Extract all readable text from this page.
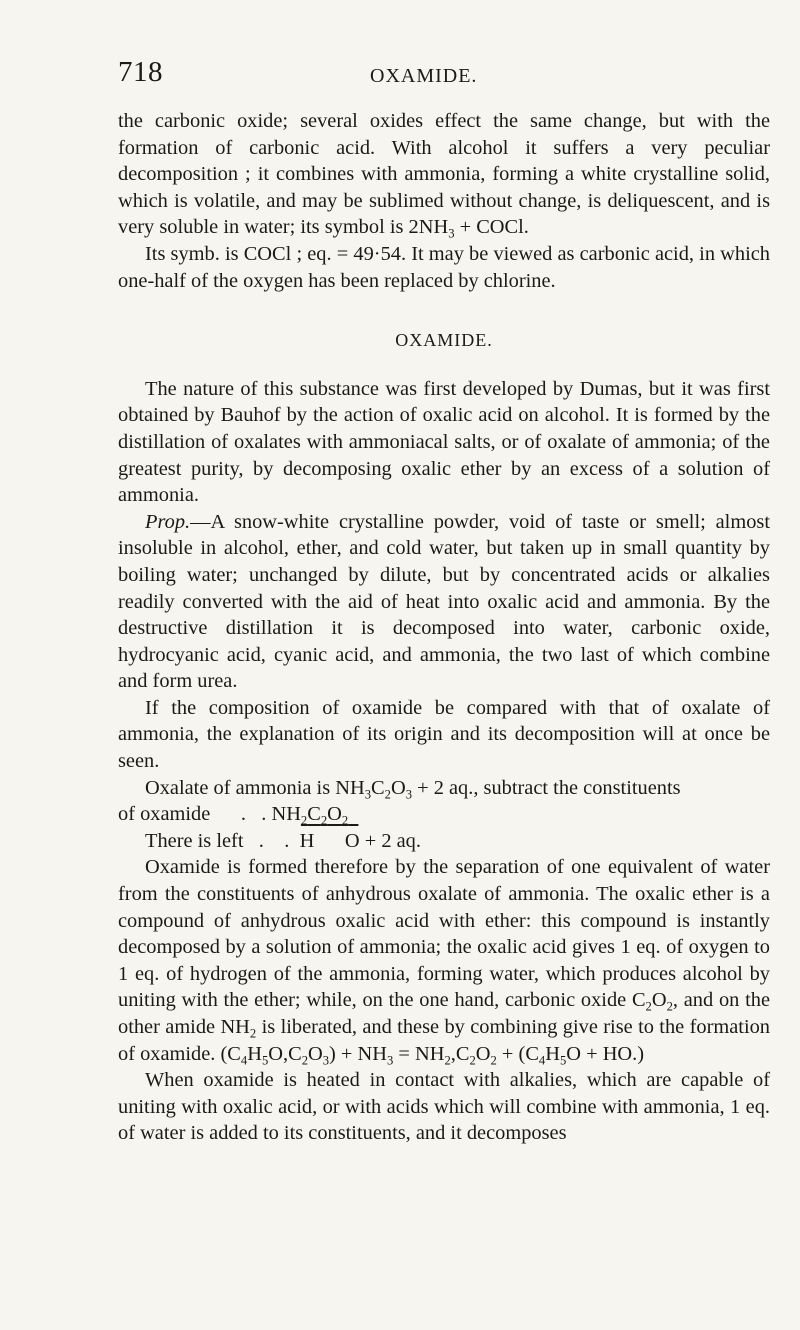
718	OXAMIDE.

the carbonic oxide; several oxides effect the same change, but with the formation of carbonic acid. With alcohol it suffers a very peculiar decomposition ; it combines with ammonia, forming a white crystalline solid, which is volatile, and may be sublimed without change, is deliquescent, and is very soluble in water; its symbol is $2NH_3$ + COCl.

Its symb. is COCl ; eq. = 49·54. It may be viewed as carbonic acid, in which one-half of the oxygen has been replaced by chlorine.

OXAMIDE.

The nature of this substance was first developed by Dumas, but it was first obtained by Bauhof by the action of oxalic acid on alcohol. It is formed by the distillation of oxalates with ammoniacal salts, or of oxalate of ammonia; of the greatest purity, by decomposing oxalic ether by an excess of a solution of ammonia.

Prop.—A snow-white crystalline powder, void of taste or smell; almost insoluble in alcohol, ether, and cold water, but taken up in small quantity by boiling water; unchanged by dilute, but by concentrated acids or alkalies readily converted with the aid of heat into oxalic acid and ammonia. By the destructive distillation it is decomposed into water, carbonic oxide, hydrocyanic acid, cyanic acid, and ammonia, the two last of which combine and form urea.

If the composition of oxamide be compared with that of oxalate of ammonia, the explanation of its origin and its decomposition will at once be seen.

Oxalate of ammonia is $NH_3C_2O_3 + 2$ aq., subtract the constituents

of oxamide      .   . $NH_2C_2O_2$

There is left   .    .  H      O + 2 aq.

Oxamide is formed therefore by the separation of one equivalent of water from the constituents of anhydrous oxalate of ammonia. The oxalic ether is a compound of anhydrous oxalic acid with ether: this compound is instantly decomposed by a solution of ammonia; the oxalic acid gives 1 eq. of oxygen to 1 eq. of hydrogen of the ammonia, forming water, which produces alcohol by uniting with the ether; while, on the one hand, carbonic oxide $C_2O_2$, and on the other amide $NH_2$ is liberated, and these by combining give rise to the formation of oxamide. $(C_4H_5O,C_2O_3) + NH_3 = NH_2,C_2O_2 + (C_4H_5O + HO.)$

When oxamide is heated in contact with alkalies, which are capable of uniting with oxalic acid, or with acids which will combine with ammonia, 1 eq. of water is added to its constituents, and it decomposes
